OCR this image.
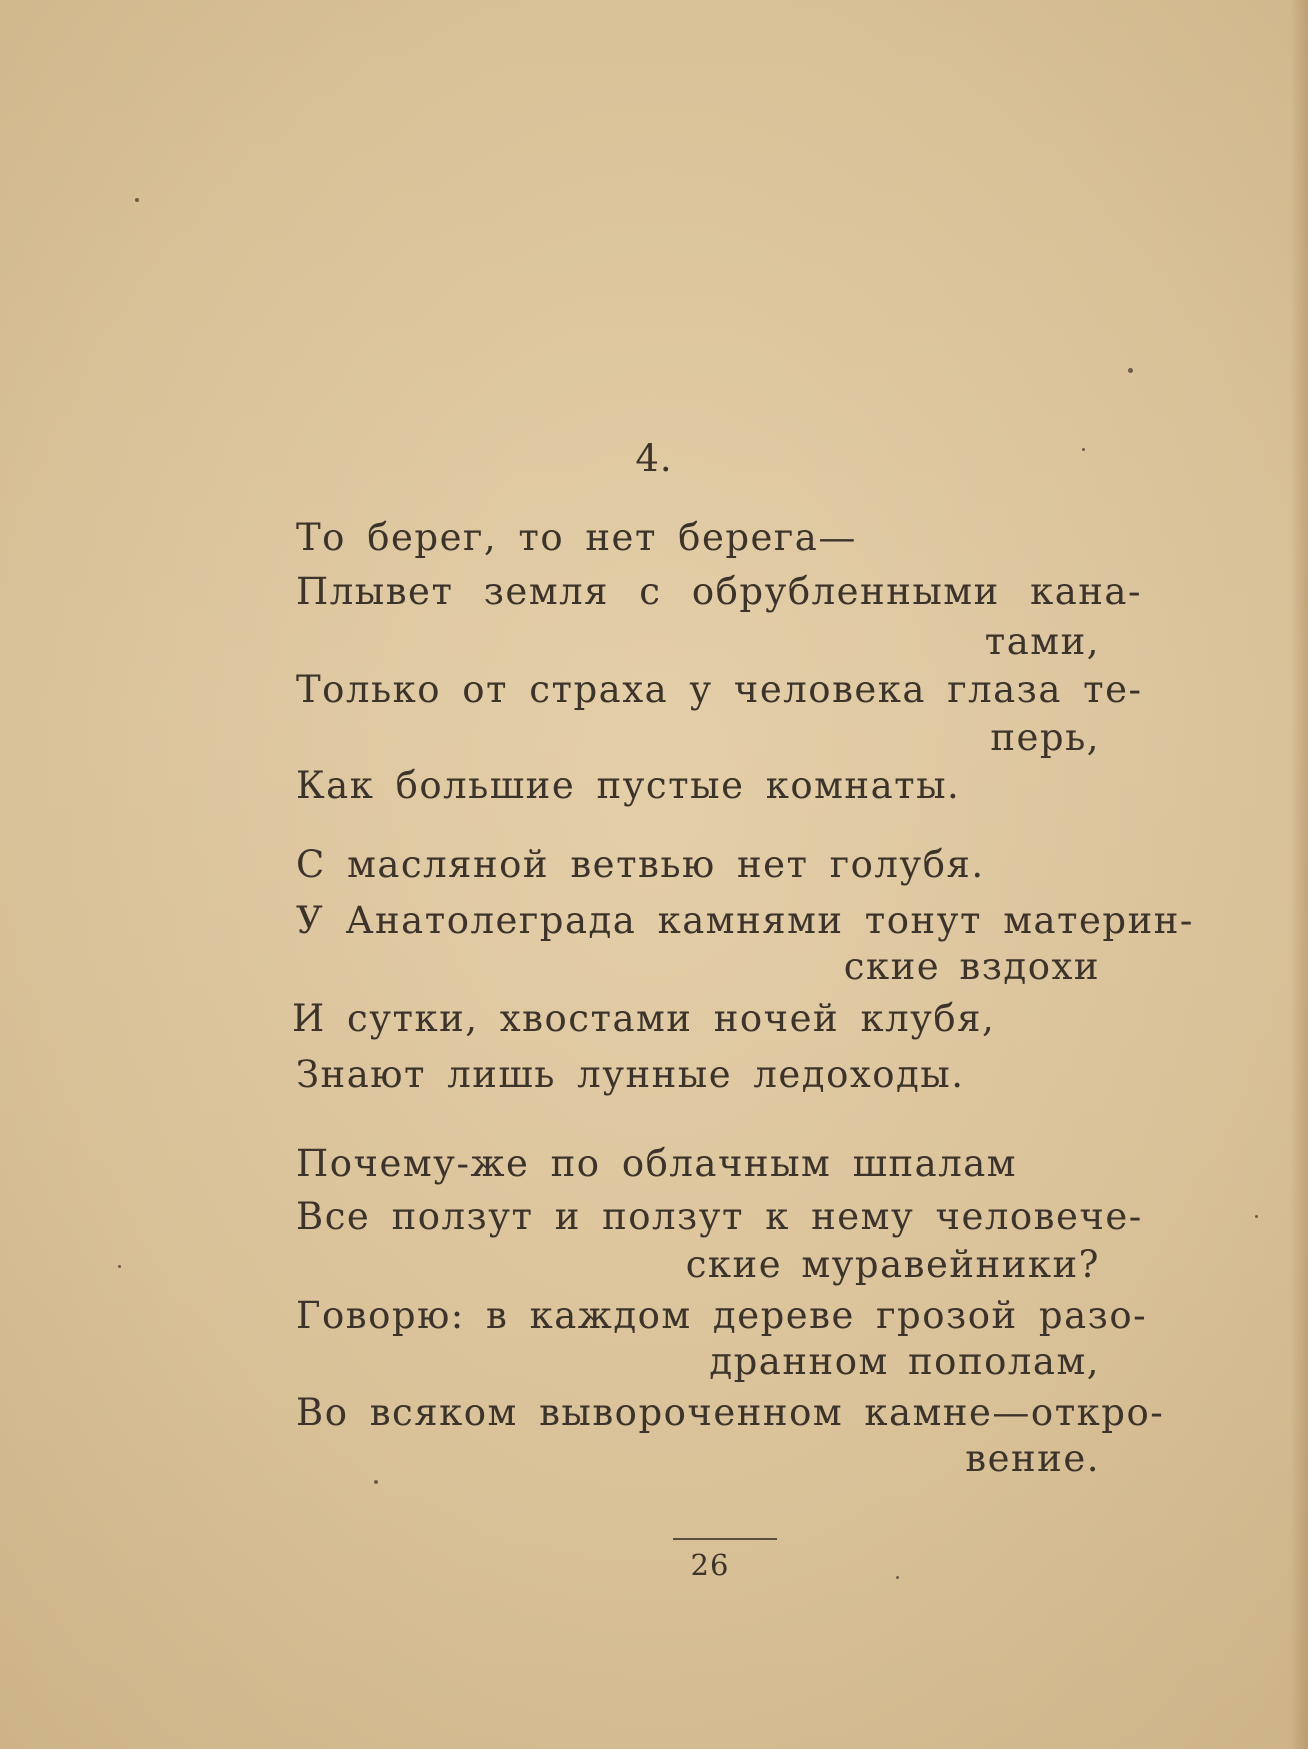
4.
То берег, то нет берега—
Плывет земля с обрубленными кана-
тами,
Только от страха у человека глаза те-
перь,
Как большие пустые комнаты.
С масляной ветвью нет голубя.
У Анатолеграда камнями тонут материн-
ские вздохи
И сутки, хвостами ночей клубя,
Знают лишь лунные ледоходы.
Почему-же по облачным шпалам
Все ползут и ползут к нему человече-
ские муравейники?
Говорю: в каждом дереве грозой разо-
дранном пополам,
Во всяком вывороченном камне—откро-
вение.
26
